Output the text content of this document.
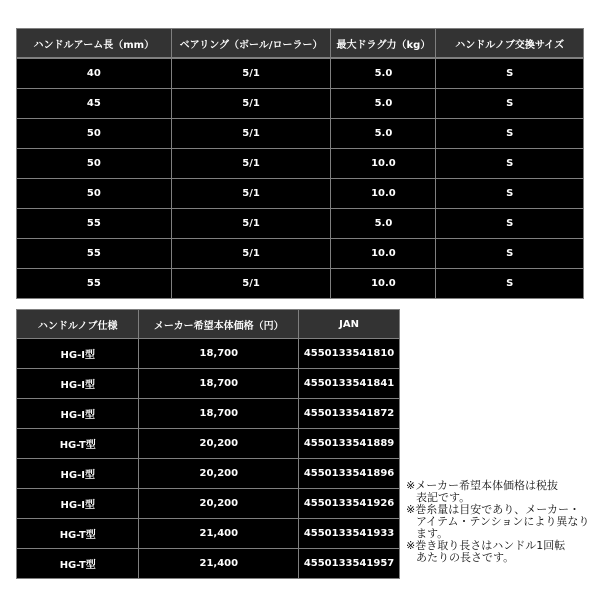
ハンドルアーム長（mm）	ベアリング（ボール/ローラー）	最大ドラグ力（kg）	ハンドルノブ交換サイズ
40	5/1	5.0	S
45	5/1	5.0	S
50	5/1	5.0	S
50	5/1	10.0	S
50	5/1	10.0	S
55	5/1	5.0	S
55	5/1	10.0	S
55	5/1	10.0	S
ハンドルノブ仕様	メーカー希望本体価格（円）	JAN
HG-I型	18,700	4550133541810
HG-I型	18,700	4550133541841
HG-I型	18,700	4550133541872
HG-T型	20,200	4550133541889
HG-I型	20,200	4550133541896
HG-I型	20,200	4550133541926
HG-T型	21,400	4550133541933
HG-T型	21,400	4550133541957

※メーカー希望本体価格は税抜
表記です。

※巻糸量は目安であり、メーカー・
アイテム・テンションにより異なり
ます。

※巻き取り長さはハンドル1回転
あたりの長さです。
